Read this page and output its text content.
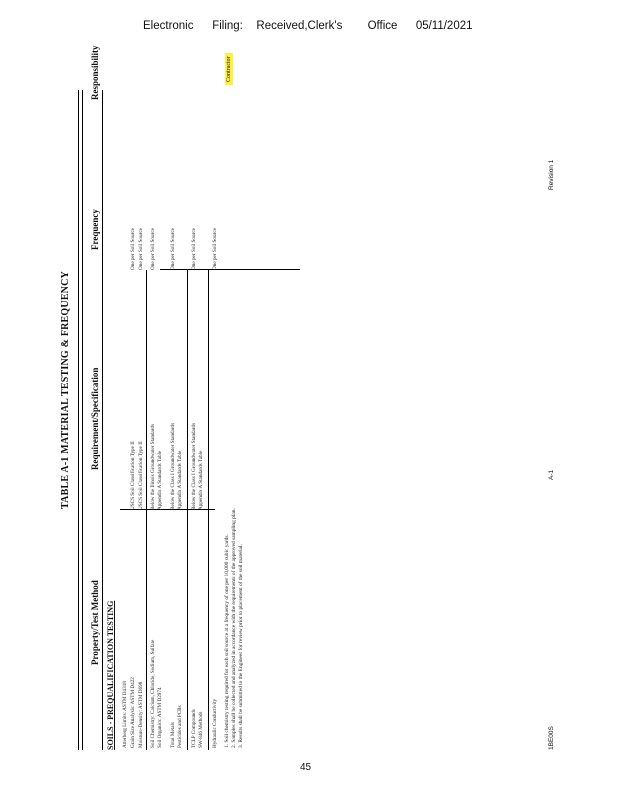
Electronic Filing: Received,Clerk's Office 05/11/2021
TABLE A-1 MATERIAL TESTING & FREQUENCY
Property/Test Method
Requirement/Specification
Frequency
Responsibility
SOILS - PREQUALIFICATION TESTING Atterberg Limits: ASTM D4318 Grain Size Analysis: ASTM D422
USCS Soil Classification Type II
One per Soil Source
Moisture-Density: ASTM D698
USCS Soil Classification Type II
One per Soil Source
Soil Chemistry: Calcium, Chloride, Sodium, Sulfate
Below the Ilinois Groundwater Standards
One per Soil Source
Soil Organics: ASTM D2974
Appendix A Standards Table
Total Metals
Below the Class I Groundwater Standards
One per Soil Source
Pesticides and PCBs
Appendix A Standards Table
TCLP Compounds
Below the Class I Groundwater Standards
One per Soil Source
SW-846 Methods
Appendix A Standards Table
Hydraulic Conductivity
One per Soil Source
Contractor
1. Soil chemistry testing required for each soil source at a frequency of one per 10,000 cubic yards. 2. Samples shall be collected and analyzed in accordance with the requirements of the approved sampling plan. 3. Results shall be submitted to the Engineer for review prior to placement of the soil material.	1BE00S
A-1
Revision 1
45
